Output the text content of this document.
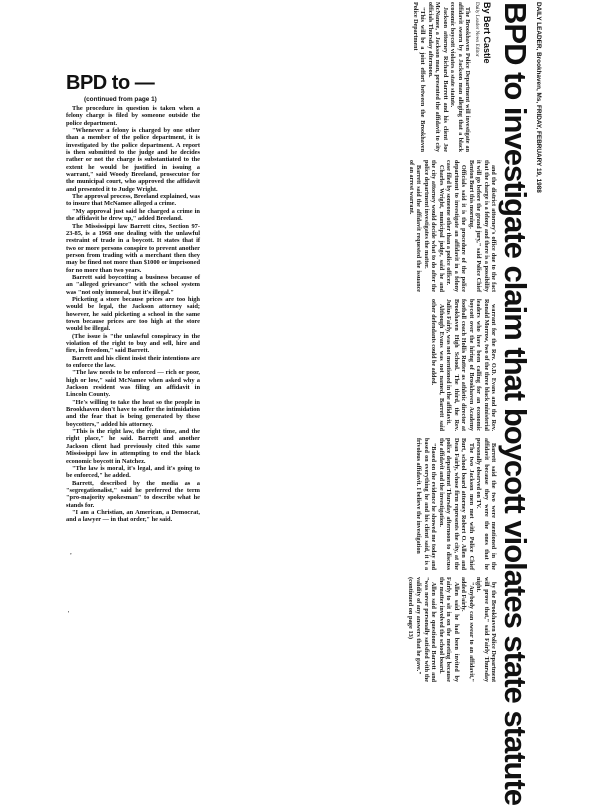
BPD to —
(continued from page 1)

The procedure in question is taken when a felony charge is filed by someone outside the police department.

"Whenever a felony is charged by one other than a member of the police department, it is investigated by the police department. A report is then submitted to the judge and he decides rather or not the charge is substantiated to the extent he would be justified in issuing a warrant," said Woody Breeland, prosecutor for the municipal court, who approved the affidavit and presented it to Judge Wright.

The approval process, Breeland explained, was to insure that McNamee alleged a crime.

"My approval just said he charged a crime in the affidavit he drew up," added Breeland.

The Mississippi law Barrett cites, Section 97-23-85, is a 1968 one dealing with the unlawful restraint of trade in a boycott. It states that if two or more persons conspire to prevent another person from trading with a merchant then they may be fined not more than $1000 or imprisoned for no more than two years.

Barrett said boycotting a business because of an "alleged grievance" with the school system was "not only immoral, but it's illegal."

Picketing a store because prices are too high would be legal, the Jackson attorney said; however, he said picketing a school in the same town because prices are too high at the store would be illegal.

(The issue is "the unlawful conspiracy in the violation of the right to buy and sell, hire and fire, in freedom," said Barrett.

Barrett and his client insist their intentions are to enforce the law.

"The law needs to be enforced — rich or poor, high or low," said McNamee when asked why a Jackson resident was filing an affidavit in Lincoln County.

"He's willing to take the heat so the people in Brookhaven don't have to suffer the intimidation and the fear that is being generated by these boycotters," added his attorney.

"This is the right law, the right time, and the right place," he said. Barrett and another Jackson client had previously cited this same Mississippi law in attempting to end the black economic boycott in Natchez.

"The law is moral, it's legal, and it's going to be enforced," he added.

Barrett, described by the media as a "segregationalist," said he preferred the term "pro-majority spokesman" to describe what he stands for.

"I am a Christian, an American, a Democrat, and a lawyer — in that order," he said.

DAILY LEADER, Brookhaven, Ms, FRIDAY, FEBRUARY 19, 1988
BPD to investigate claim that boycott violates state statute
By Bert Castle
Daily Leader News Editor

The Brookhaven Police Department will investigate an affidavit sworn by a Jackson man alleging that a black economic boycott violates a state statute.

Jackson attorney Richard Barrett and his client Joe McNamee, a Jackson man, presented the affidavit to city officials Thursday afternoon.

"This will be a joint effort between the Brookhaven Police Department

and the district attorney's office due to the fact that the charge is a felony and there is a possibility it will go before the grand jury," said Police Chief Benton Burt this morning.

Officials said it is the procedure of the police department to investigate an affidavit in a felony case filed by someone other than a police officer.

Charles Wright, municipal judge, said he and the city attorney would decide what to do after the police department investigates the matter.

Barrett said the affidavit requested the issuance of an arrest warrant.

warrant for the Rev. O.D. Evans and the Rev. Ronald Morrow, two of the three black ministerial leaders who have been calling for an economic boycott over the hiring of Brookhaven Academy football coach Hollis Rutter as athletic director at Brookhaven High School. The third, the Rev. Julius Fairly, was not mentioned in the affidavit.

Although Evans was not named, Barrett said other defendants could be added.

Barrett said the two were mentioned in the affidavit because they were the ones that he personally observed on TV.

The two Jackson men met with Police Chief Burt, school board attorney Robert O. Allen and Dean Fairly, whose firm represents the city, at the police department Thursday afternoon to discuss the affidavit and the investigation.

"Based on the evidence he showed me today and based on everything he and his client said, it is a frivolous affidavit. I believe the investigation

by the Brookhaven Police Department will prove that," said Fairly Thursday night.

"Anybody can swear to an affidavit," added Fairly.

Allen said he had been invited by Fairly to sit in on the meeting because the matter involved the school board.

Allen said he questioned Barrett and "was never personally satisfied with the validity of any answers that he gave."

(continued on page 13)

,
'
